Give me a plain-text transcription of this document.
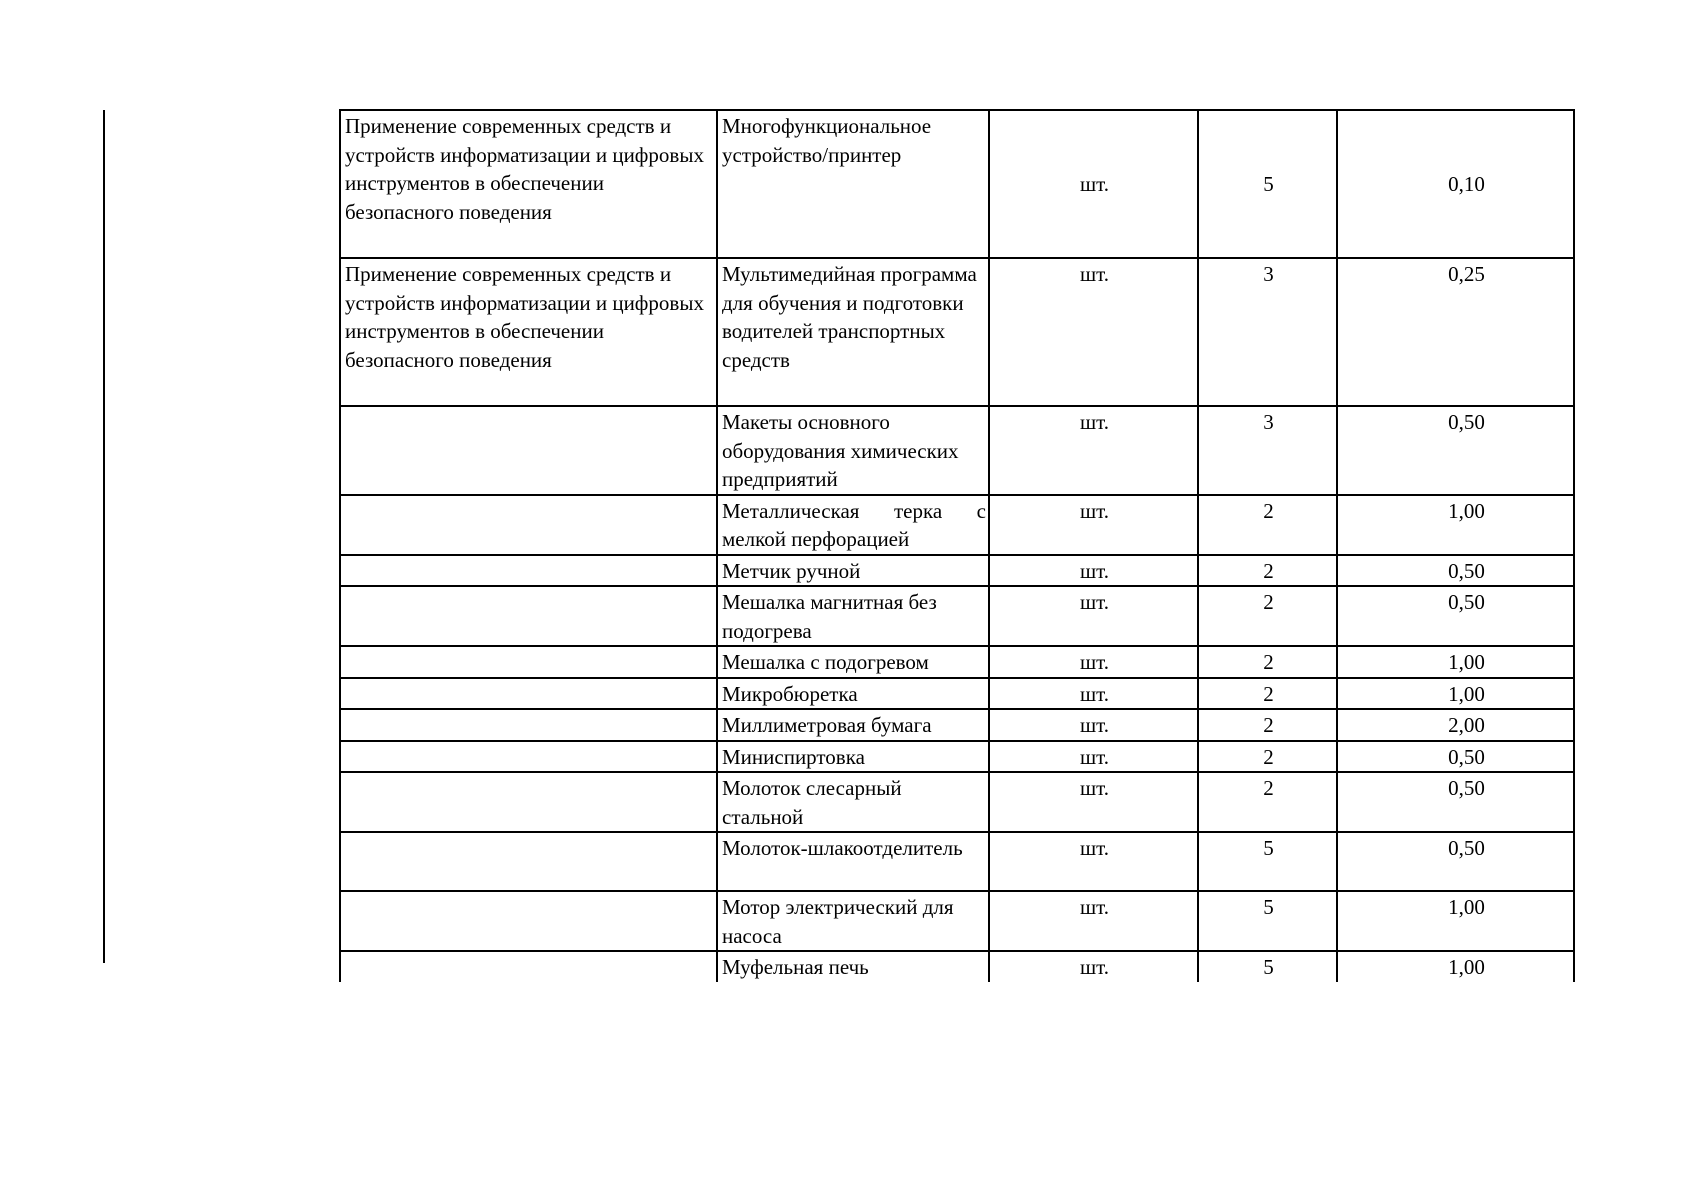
Применение современных средств и устройств информатизации и цифровых инструментов в обеспечении безопасного поведения	Многофункциональное устройство/принтер	шт.	5	0,10
Применение современных средств и устройств информатизации и цифровых инструментов в обеспечении безопасного поведения	Мультимедийная программа для обучения и подготовки водителей транспортных средств	шт.	3	0,25
	Макеты основного оборудования химических предприятий	шт.	3	0,50
	Металлическая терка с мелкой перфорацией	шт.	2	1,00
	Метчик ручной	шт.	2	0,50
	Мешалка магнитная без подогрева	шт.	2	0,50
	Мешалка с подогревом	шт.	2	1,00
	Микробюретка	шт.	2	1,00
	Миллиметровая бумага	шт.	2	2,00
	Миниспиртовка	шт.	2	0,50
	Молоток слесарный стальной	шт.	2	0,50
	Молоток-шлакоотделитель	шт.	5	0,50
	Мотор электрический для насоса	шт.	5	1,00
	Муфельная печь	шт.	5	1,00
